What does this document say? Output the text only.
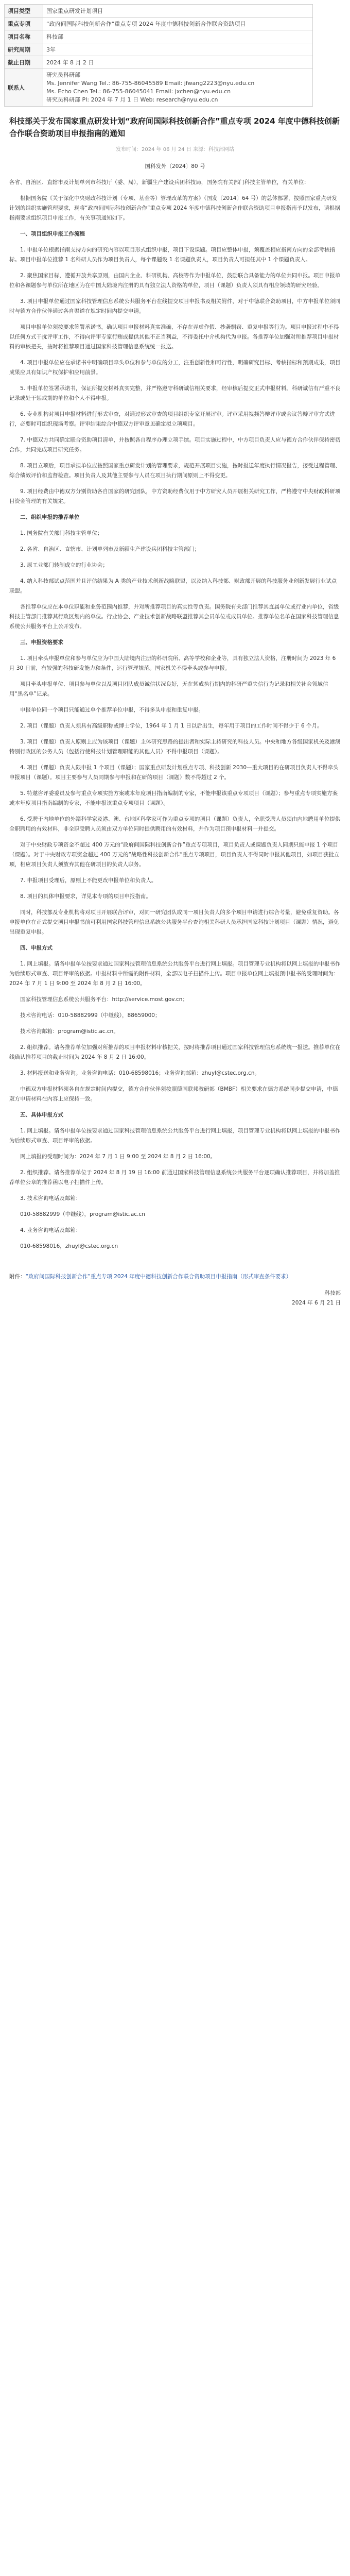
项目类型	国家重点研发计划项目
重点专项	“政府间国际科技创新合作”重点专项 2024 年度中德科技创新合作联合资助项目
项目名称	科技部
研究周期	3年
截止日期	2024 年 8 月 2 日
联系人	研究员科研部
Ms. Jennifer Wang Tel.: 86-755-86045589 Email: jfwang2223@nyu.edu.cn
Ms. Echo Chen Tel.: 86-755-86045041 Email: jxchen@nyu.edu.cn
研究员科研部 PI: 2024 年 7 月 1 日 Web: research@nyu.edu.cn
科技部关于发布国家重点研发计划“政府间国际科技创新合作”重点专项 2024 年度中德科技创新合作联合资助项目申报指南的通知
发布时间：2024 年 06 月 24 日 来源：科技部网站

国科发外〔2024〕80 号

各省、自治区、直辖市及计划单列市科技厅（委、局），新疆生产建设兵团科技局，国务院有关部门科技主管单位，有关单位：

根据国务院《关于深化中央财政科技计划（专项、基金等）管理改革的方案》（国发〔2014〕64 号）的总体部署，按照国家重点研发计划的组织实施管理要求，现将“政府间国际科技创新合作”重点专项 2024 年度中德科技创新合作联合资助项目申报指南予以发布，请根据指南要求组织项目申报工作，有关事项通知如下。

一、项目组织申报工作流程

1. 申报单位根据指南支持方向的研究内容以项目形式组织申报，项目下设课题。项目应整体申报，须覆盖相应指南方向的全部考核指标。项目申报单位推荐 1 名科研人员作为项目负责人，每个课题设 1 名课题负责人，项目负责人可担任其中 1 个课题负责人。

2. 聚焦国家目标，遵循开放共享原则，由国内企业、科研机构、高校等作为申报单位，鼓励联合具备能力的单位共同申报。项目申报单位和各课题参与单位所在地区为在中国大陆境内注册的具有独立法人资格的单位，项目（课题）负责人须具有相应领域的研究经验。

3. 项目申报单位通过国家科技管理信息系统公共服务平台在线提交项目申报书及相关附件，对于中德联合资助项目，中方申报单位须同时与德方合作伙伴通过各自渠道在规定时间内提交申请。

项目申报单位须按要求签署承诺书，确认项目申报材料真实准确，不存在弄虚作假、抄袭剽窃、重复申报等行为。项目申报过程中不得以任何方式干扰评审工作，不得向评审专家行贿或提供其他不正当利益，不得委托中介机构代为申报。各推荐单位加强对所推荐项目申报材料的审核把关，按时将推荐项目通过国家科技管理信息系统统一报送。

4. 项目申报单位应在承诺书中明确项目牵头单位和参与单位的分工，注重创新性和可行性，明确研究目标、考核指标和预期成果，项目成果应具有知识产权保护和应用前景。

5. 申报单位签署承诺书，保证所提交材料真实完整，并严格遵守科研诚信相关要求，经审核后提交正式申报材料。科研诚信有严重不良记录或处于惩戒期的单位和个人不得申报。

6. 专业机构对项目申报材料进行形式审查，对通过形式审查的项目组织专家开展评审。评审采用视频答辩评审或会议答辩评审方式进行，必要时可组织现场考察。评审结果综合中德双方评审意见确定拟立项项目。

7. 中德双方共同确定联合资助项目清单，并按照各自程序办理立项手续。项目实施过程中，中方项目负责人应与德方合作伙伴保持密切合作，共同完成项目研究任务。

8. 项目立项后，项目承担单位应按照国家重点研发计划的管理要求，规范开展项目实施，按时报送年度执行情况报告，接受过程管理、综合绩效评价和监督检查。项目负责人及其他主要参与人员在项目执行期间原则上不得变更。

9. 项目经费由中德双方分别资助各自国家的研究团队，中方资助经费仅用于中方研究人员开展相关研究工作，严格遵守中央财政科研项目资金管理的有关规定。

二、组织申报的推荐单位

1. 国务院有关部门科技主管单位；

2. 各省、自治区、直辖市、计划单列市及新疆生产建设兵团科技主管部门；

3. 原工业部门转制成立的行业协会；

4. 纳入科技部试点范围并且评估结果为 A 类的产业技术创新战略联盟，以及纳入科技部、财政部开展的科技服务业创新发展行业试点联盟。

各推荐单位应在本单位职能和业务范围内推荐，并对所推荐项目的真实性等负责。国务院有关部门推荐其直属单位或行业内单位，省级科技主管部门推荐其行政区划内的单位。行业协会、产业技术创新战略联盟推荐其会员单位或成员单位。推荐单位名单在国家科技管理信息系统公共服务平台上公开发布。

三、申报资格要求

1. 项目牵头申报单位和参与单位应为中国大陆境内注册的科研院所、高等学校和企业等，具有独立法人资格，注册时间为 2023 年 6 月 30 日前，有较强的科技研发能力和条件，运行管理规范。国家机关不得牵头或参与申报。

项目牵头申报单位、项目参与单位以及项目团队成员诚信状况良好，无在惩戒执行期内的科研严重失信行为记录和相关社会领域信用“黑名单”记录。

申报单位同一个项目只能通过单个推荐单位申报，不得多头申报和重复申报。

2. 项目（课题）负责人须具有高级职称或博士学位，1964 年 1 月 1 日以后出生，每年用于项目的工作时间不得少于 6 个月。

3. 项目（课题）负责人原则上应为该项目（课题）主体研究思路的提出者和实际主持研究的科技人员。中央和地方各级国家机关及港澳特别行政区的公务人员（包括行使科技计划管理职能的其他人员）不得申报项目（课题）。

4. 项目（课题）负责人限申报 1 个项目（课题）；国家重点研发计划重点专项、科技创新 2030—重大项目的在研项目负责人不得牵头申报项目（课题）。项目主要参与人员同期参与申报和在研的项目（课题）数不得超过 2 个。

5. 特邀咨评委委员及参与重点专项实施方案或本年度项目指南编制的专家，不能申报该重点专项项目（课题）；参与重点专项实施方案或本年度项目指南编制的专家，不能申报该重点专项项目（课题）。

6. 受聘于内地单位的外籍科学家及港、澳、台地区科学家可作为重点专项的项目（课题）负责人，全职受聘人员须由内地聘用单位提供全职聘用的有效材料，非全职受聘人员须由双方单位同时提供聘用的有效材料，并作为项目预申报材料一并提交。

对于中央财政专项资金不超过 400 万元的“政府间国际科技创新合作”重点专项项目，项目负责人或课题负责人同期只能申报 1 个项目（课题）。对于中央财政专项资金超过 400 万元的“战略性科技创新合作”重点专项项目，项目负责人不得同时申报其他项目，如项目获批立项，相应项目负责人须放弃其他在研项目的负责人职务。

7. 申报项目受理后，原则上不能更改申报单位和负责人。

8. 项目的具体申报要求，详见本专项的项目申报指南。

同时，科技部及专业机构将对项目开展联合评审，对同一研究团队或同一项目负责人的多个项目申请进行综合考量，避免重复资助。各申报单位在正式提交项目申报书前可利用国家科技管理信息系统公共服务平台查询相关科研人员承担国家科技计划项目（课题）情况，避免出现重复申报。

四、申报方式

1. 网上填报。请各申报单位按要求通过国家科技管理信息系统公共服务平台进行网上填报。项目管理专业机构将以网上填报的申报书作为后续形式审查、项目评审的依据。申报材料中所需的附件材料，全部以电子扫描件上传。项目申报单位网上填报预申报书的受理时间为：2024 年 7 月 1 日 9:00 至 2024 年 8 月 2 日 16:00。

国家科技管理信息系统公共服务平台：http://service.most.gov.cn；

技术咨询电话：010-58882999（中继线），88659000；

技术咨询邮箱：program@istic.ac.cn。

2. 组织推荐。请各推荐单位加强对所推荐的项目申报材料审核把关，按时将推荐项目通过国家科技管理信息系统统一报送。推荐单位在线确认推荐项目的截止时间为 2024 年 8 月 2 日 16:00。

3. 材料报送和业务咨询。业务咨询电话：010-68598016；业务咨询邮箱：zhuyl@cstec.org.cn。

中德双方申报材料须各自在规定时间内提交，德方合作伙伴须按照德国联邦教研部（BMBF）相关要求在德方系统同步提交申请，中德双方申请材料在内容上应保持一致。

五、具体申报方式

1. 网上填报。请各申报单位按要求通过国家科技管理信息系统公共服务平台进行网上填报，项目管理专业机构将以网上填报的申报书作为后续形式审查、项目评审的依据。

网上填报的受理时间为：2024 年 7 月 1 日 9:00 至 2024 年 8 月 2 日 16:00。

2. 组织推荐。请各推荐单位于 2024 年 8 月 19 日 16:00 前通过国家科技管理信息系统公共服务平台逐项确认推荐项目，并将加盖推荐单位公章的推荐函以电子扫描件上传。

3. 技术咨询电话及邮箱：

010-58882999（中继线），program@istic.ac.cn

4. 业务咨询电话及邮箱：

010-68598016，zhuyl@cstec.org.cn

附件：“政府间国际科技创新合作”重点专项 2024 年度中德科技创新合作联合资助项目申报指南（形式审查条件要求）
科技部
2024 年 6 月 21 日
